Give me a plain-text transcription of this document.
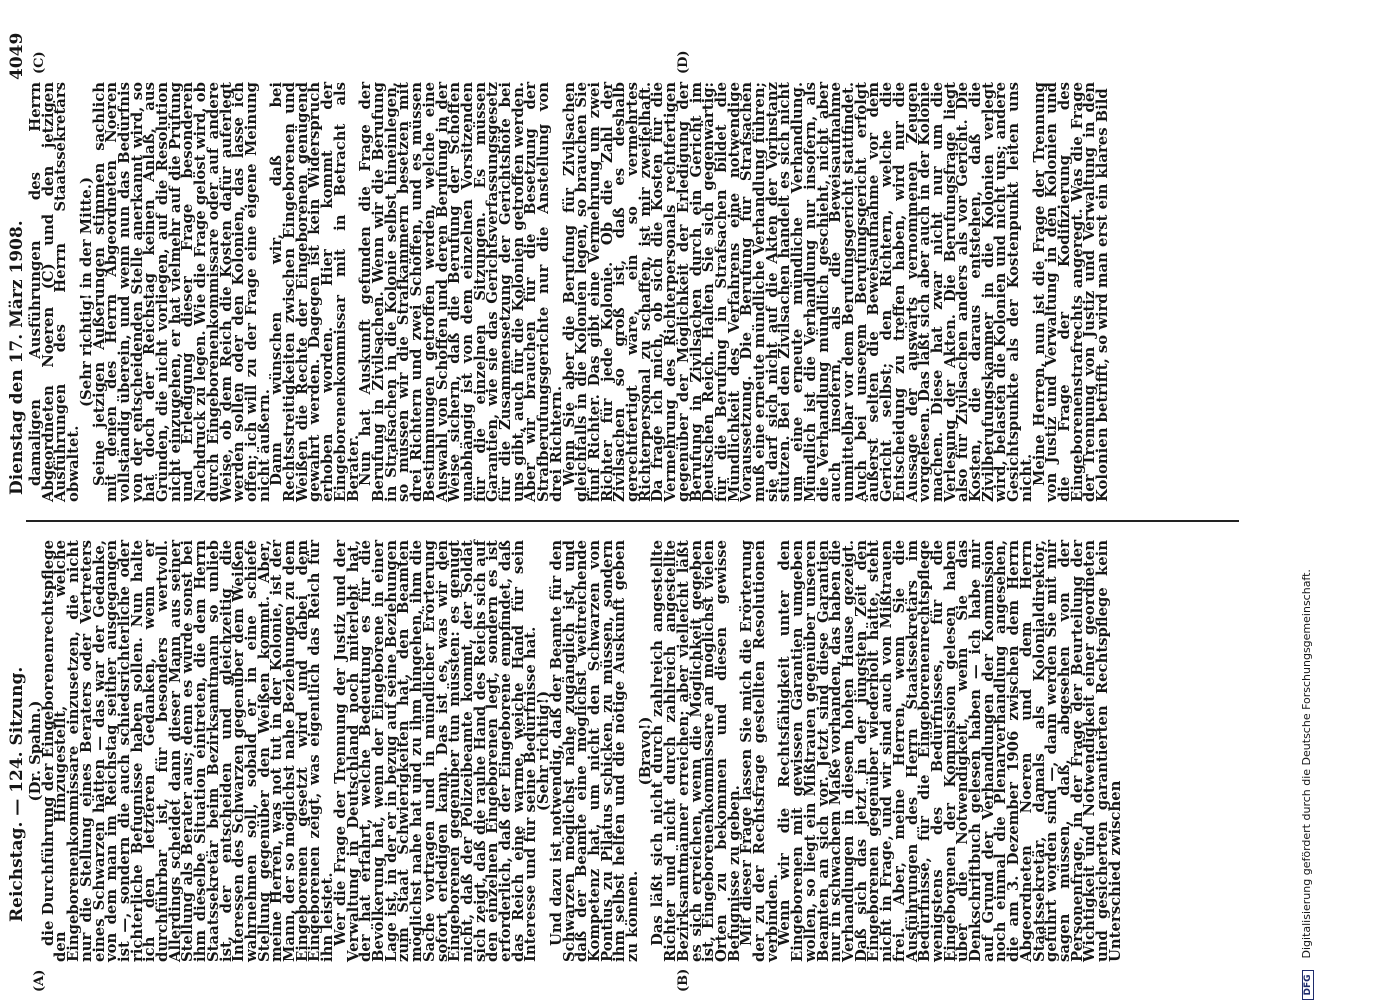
Reichstag. — 124. Sitzung.
Dienstag den 17. März 1908.
4049
(A)	(B)
(C)	(D)

(Dr. Spahn.)

die Durchführung der Eingeborenenrechtspflege den Hinzugestellt, welche Eingeborenenkommissare einzusetzen, die nicht nur die Stellung eines Beraters oder Vertreters eines Schwarzen hätten — das war der Gedanke, von dem man im Reichstag seither ausgegangen ist —, sondern die auch schiedsrichterliche oder richterliche Befugnisse haben sollen. Nun halte ich den letzteren Gedanken, wenn er durchführbar ist, für besonders wertvoll. Allerdings scheidet dann dieser Mann aus seiner Stellung als Berater aus; denn es würde sonst bei ihm dieselbe Situation eintreten, die dem Herrn Staatssekretär beim Bezirksamtmann so unlieb ist, der entscheiden und gleichzeitig die Interessen des Schwarzen gegenüber dem Weißen wahrnehmen soll, sobald er in eine schiefe Stellung gegenüber den Weißen kommt. Aber, meine Herren, was not tut in der Kolonie, ist der Mann, der so möglichst nahe Beziehungen zu dem Eingeborenen gesetzt wird und dabei dem Eingeborenen zeigt, was eigentlich das Reich für ihn leistet.

Wer die Frage der Trennung der Justiz und der Verwaltung in Deutschland noch miterlebt hat, der hat erfahrt, welche Bedeutung es für die Bevölkerung hat, wenn der Eingeborene in einer Lage ist, in der er in bezug auf seine Beziehungen zum Staat Schwierigkeiten hat, den Beamten möglichst nahe hat und zu ihm hingehen, ihm die Sache vortragen und in mündlicher Erörterung sofort erledigen kann. Das ist es, was wir den Eingeborenen gegenüber tun müssten: es genügt nicht, daß der Polizeibeamte kommt, der Soldat sich zeigt, daß die rauhe Hand des Reichs sich auf den einzelnen Eingeborenen legt, sondern es ist erforderlich, daß der Eingeborene empfindet, daß das Reich eine warme, weiche Hand für sein Interesse und für seine Bedürfnisse hat.

(Sehr richtig!)

Und dazu ist notwendig, daß der Beamte für den Schwarzen möglichst nahe zugänglich ist, und daß der Beamte eine möglichst weitreichende Kompetenz hat, um nicht den Schwarzen von Pontius zu Pilatus schicken zu müssen, sondern ihm selbst helfen und die nötige Auskunft geben zu können.

(Bravo!)

Das läßt sich nicht durch zahlreich angestellte Richter und nicht durch zahlreich angestellte Bezirksamtmänner erreichen; aber vielleicht läßt es sich erreichen, wenn die Möglichkeit gegeben ist, Eingeborenenkommissare an möglichst vielen Orten zu bekommen und diesen gewisse Befugnisse zu geben.

Mit dieser Frage lassen Sie mich die Erörterung der zu der Rechtsfrage gestellten Resolutionen verbinden.

Wenn wir die Rechtsfähigkeit unter den Eingeborenen mit gewissen Garantien umgeben wollen, so liegt ein Mißtrauen gegenüber unseren Beamten an sich vor. Jetzt sind diese Garantien nur in schwachem Maße vorhanden, das haben die Verhandlungen in diesem hohen Hause gezeigt. Daß sich das jetzt in der jüngsten Zeit den Eingeborenen gegenüber wiederholt hätte, steht nicht in Frage, und wir sind auch von Mißtrauen frei. Aber, meine Herren, wenn Sie die Ausführungen des Herrn Staatssekretärs im Bedürfnisse, für die Eingeborenenrechtspflege wenigstens des Bedürfnisses, für die Eingeborenen der Kommission gelesen haben über die Notwendigkeit, wenn Sie das Denkschriftbuch gelesen haben — ich habe mir auf Grund der Verhandlungen der Kommission noch einmal die Plenarverhandlung angesehen, die am 3. Dezember 1906 zwischen dem Herrn Abgeordneten Noeren und dem Herrn Staatssekretär, damals als Kolonialdirektor, geführt worden sind —, dann werden Sie mit mir sagen müssen, daß, abgesehen von der Personenfrage, in der Frage der Beurteilung der Wichtigkeit und Notwendigkeit einer geordneten und gesicherten garantierten Rechtspflege kein Unterschied zwischen

damaligen Ausführungen des Herrn Abgeordneten Noeren (C) und den jetzigen Ausführungen des Herrn Staatssekretärs obwaltet.

(Sehr richtig! in der Mitte.)

Seine jetzigen Äußerungen stimmen sachlich mit denen des Herrn Abgeordneten Noeren vollständig überein, und wenn nun das Bedürfnis von der entscheidenden Stelle anerkannt wird, so hat doch der Reichstag keinen Anlaß, aus Gründen, die nicht vorliegen, auf die Resolution nicht einzugehen, er hat vielmehr auf die Prüfung und Erledigung dieser Frage besonderen Nachdruck zu legen. Wie die Frage gelöst wird, ob durch Eingeborenenkommissare oder auf andere Weise, ob dem Reich die Kosten dafür auferlegt werden sollen oder den Kolonien, das lasse ich offen; ich will zu der Frage eine eigene Meinung nicht äußern.

Dann wünschen wir, daß bei Rechtsstreitigkeiten zwischen Eingeborenen und Weißen die Rechte der Eingeborenen genügend gewahrt werden. Dagegen ist kein Widerspruch erhoben worden. Hier kommt der Eingeborenenkommissar mit in Betracht als Berater.

Nun hat Auskunft gefunden die Frage der Berufung in Zivilsachen. Wenn wir die Berufung in Strafsachen in die Kolonie selbst hineinlegen, so müssen wir die Strafkammern besetzen mit drei Richtern und zwei Schöffen, und es müssen Bestimmungen getroffen werden, welche eine Auswahl von Schöffen und deren Berufung in der Weise sichern, daß die Berufung der Schöffen unabhängig ist von dem einzelnen Vorsitzenden für die einzelnen Sitzungen. Es müssen Garantien, wie sie das Gerichtsverfassungsgesetz für die Zusammensetzung der Gerichtshöfe bei uns gibt, auch für die Kolonien getroffen werden. Aber wir brauchen für die Besetzung der Strafberufungsgerichte nur die Anstellung von drei Richtern.

Wenn Sie aber die Berufung für Zivilsachen gleichfalls in die Kolonien legen, so brauchen Sie fünf Richter. Das gibt eine Vermehrung um zwei Richter für jede Kolonie. Ob die Zahl der Zivilsachen so groß ist, daß es deshalb gerechtfertigt wäre, ein so vermehrtes Richterpersonal zu schaffen, ist mir zweifelhaft. Da frage ich mich, ob sich die Kosten für die Vermehrung des Richterpersonals rechtfertigen gegenüber der Möglichkeit der Erledigung der Berufung in Zivilsachen durch ein Gericht im Deutschen Reich. Halten Sie sich gegenwärtig: für die Berufung in Strafsachen bildet die Mündlichkeit des Verfahrens eine notwendige Voraussetzung. Die Berufung für Strafsachen muß eine erneute mündliche Verhandlung führen; sie darf sich nicht auf die Akten der Vorinstanz stützen. Bei den Zivilsachen handelt es sich nicht um eine erneute mündliche Verhandlung. Mündlich ist die Verhandlung nur insofern, als die Verhandlung mündlich geschieht, nicht aber auch insofern, als die Beweisaufnahme unmittelbar vor dem Berufungsgericht stattfindet. Auch bei unserem Berufungsgericht erfolgt äußerst selten die Beweisaufnahme vor dem Gericht selbst; den Richtern, welche die Entscheidung zu treffen haben, wird nur die Aussage der auswärts vernommenen Zeugen vorgelesen. Das läßt sich aber auch in der Kolonie machen. Diese hat zwar nicht nur um die Verlesung der Akten. Die Berufungsfrage liegt also für Zivilsachen anders als vor Gericht. Die Kosten, die daraus entstehen, daß die Zivilberufungskammer in die Kolonien verlegt wird, belasten die Kolonien und nicht uns; andere Gesichtspunkte als der Kostenpunkt leiten uns nicht.

Meine Herren, nun ist die Frage der Trennung von Justiz und Verwaltung in den Kolonien und die Frage der Kodifizierung des Eingeborenenstrafrechts angeregt. Was die Frage der Trennung von Justiz und Verwaltung in den Kolonien betrifft, so wird man erst ein klares Bild

DFG Digitalisierung gefördert durch die Deutsche Forschungsgemeinschaft.
